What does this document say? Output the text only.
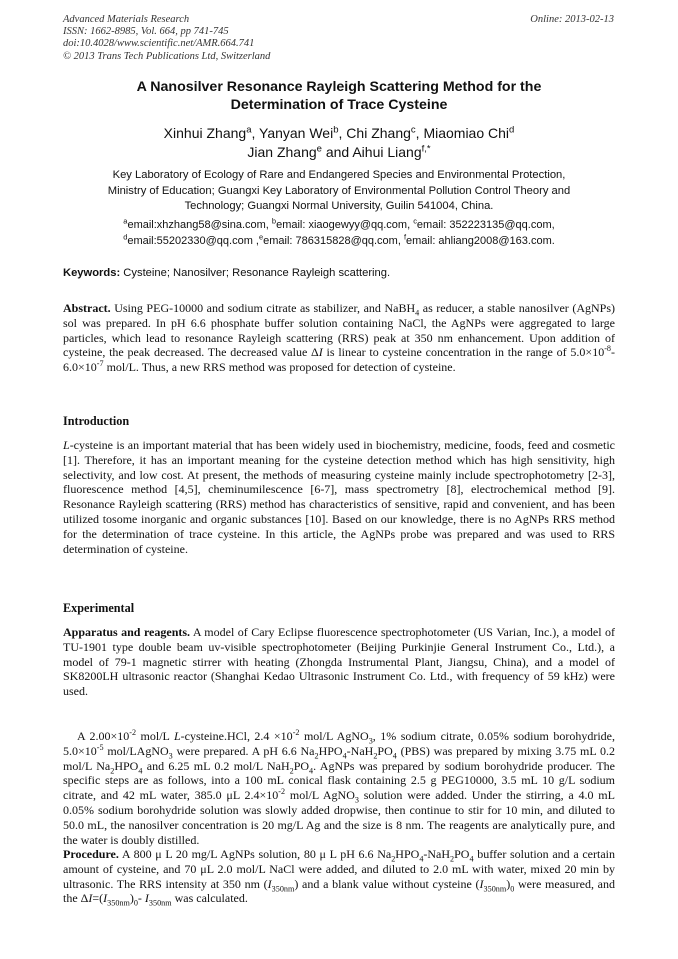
Advanced Materials Research
ISSN: 1662-8985, Vol. 664, pp 741-745
doi:10.4028/www.scientific.net/AMR.664.741
© 2013 Trans Tech Publications Ltd, Switzerland
Online: 2013-02-13
A Nanosilver Resonance Rayleigh Scattering Method for the
Determination of Trace Cysteine
Xinhui Zhang$^a$, Yanyan Wei$^b$, Chi Zhang$^c$, Miaomiao Chi$^d$
Jian Zhang$^e$ and Aihui Liang$^{f,*}$
Key Laboratory of Ecology of Rare and Endangered Species and Environmental Protection,
Ministry of Education; Guangxi Key Laboratory of Environmental Pollution Control Theory and
Technology; Guangxi Normal University, Guilin 541004, China.
$^a$email:xhzhang58@sina.com, $^b$email: xiaogewyy@qq.com, $^c$email: 352223135@qq.com,
$^d$email:55202330@qq.com ,$^e$email: 786315828@qq.com, $^f$email: ahliang2008@163.com.
Keywords: Cysteine; Nanosilver; Resonance Rayleigh scattering.
Abstract. Using PEG-10000 and sodium citrate as stabilizer, and NaBH$_4$ as reducer, a stable nanosilver (AgNPs) sol was prepared. In pH 6.6 phosphate buffer solution containing NaCl, the AgNPs were aggregated to large particles, which lead to resonance Rayleigh scattering (RRS) peak at 350 nm enhancement. Upon addition of cysteine, the peak decreased. The decreased value ΔI is linear to cysteine concentration in the range of $5.0\times 10^{-8}-6.0\times 10^{-7}$ mol/L. Thus, a new RRS method was proposed for detection of cysteine.
Introduction
L-cysteine is an important material that has been widely used in biochemistry, medicine, foods, feed and cosmetic [1]. Therefore, it has an important meaning for the cysteine detection method which has high sensitivity, high selectivity, and low cost. At present, the methods of measuring cysteine mainly include spectrophotometry [2-3], fluorescence method [4,5], cheminumilescence [6-7], mass spectrometry [8], electrochemical method [9]. Resonance Rayleigh scattering (RRS) method has characteristics of sensitive, rapid and convenient, and has been utilized tosome inorganic and organic substances [10]. Based on our knowledge, there is no AgNPs RRS method for the determination of trace cysteine. In this article, the AgNPs probe was prepared and was used to RRS determination of cysteine.
Experimental
Apparatus and reagents. A model of Cary Eclipse fluorescence spectrophotometer (US Varian, Inc.), a model of TU-1901 type double beam uv-visible spectrophotometer (Beijing Purkinjie General Instrument Co., Ltd.), a model of 79-1 magnetic stirrer with heating (Zhongda Instrumental Plant, Jiangsu, China), and a model of SK8200LH ultrasonic reactor (Shanghai Kedao Ultrasonic Instrument Co. Ltd., with frequency of 59 kHz) were used.
A $2.00\times 10^{-2}$ mol/L L-cysteine.HCl, $2.4 \times 10^{-2}$ mol/L AgNO$_3$, 1% sodium citrate, 0.05% sodium borohydride, $5.0\times 10^{-5}$ mol/LAgNO$_3$ were prepared. A pH 6.6 $Na_2HPO_4-NaH_2PO_4$ (PBS) was prepared by mixing 3.75 mL 0.2 mol/L $Na_2HPO_4$ and 6.25 mL 0.2 mol/L $NaH_2PO_4$. AgNPs was prepared by sodium borohydride producer. The specific steps are as follows, into a 100 mL conical flask containing 2.5 g PEG10000, 3.5 mL 10 g/L sodium citrate, and 42 mL water, 385.0 μL $2.4\times 10^{-2}$ mol/L AgNO$_3$ solution were added. Under the stirring, a 4.0 mL 0.05% sodium borohydride solution was slowly added dropwise, then continue to stir for 10 min, and diluted to 50.0 mL, the nanosilver concentration is 20 mg/L Ag and the size is 8 nm. The reagents are analytically pure, and the water is doubly distilled.
Procedure. A 800 μ L 20 mg/L AgNPs solution, 80 μ L pH 6.6 $Na_2HPO_4-NaH_2PO_4$ buffer solution and a certain amount of cysteine, and 70 μL 2.0 mol/L NaCl were added, and diluted to 2.0 mL with water, mixed 20 min by ultrasonic. The RRS intensity at 350 nm $(I_{350nm})$ and a blank value without cysteine $(I_{350nm})_0$ were measured, and the $\Delta I=(I_{350nm})_0-$ $I_{350nm}$ was calculated.
